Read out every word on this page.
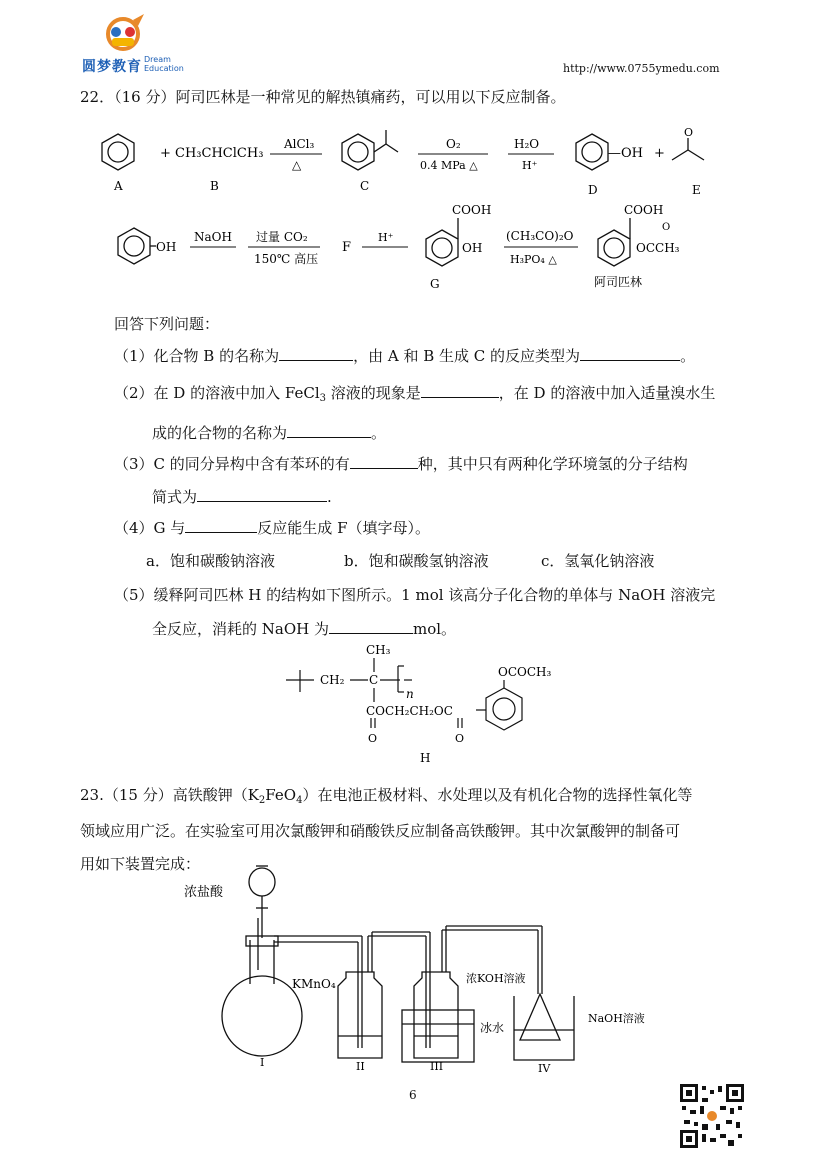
圆梦教育 Dream
Education	http://www.0755ymedu.com
22．（16 分）阿司匹林是一种常见的解热镇痛药，可以用以下反应制备。
+ CH₃CHClCH₃
AlCl₃
△
O₂
0.4 MPa △
H₂O
H⁺
—OH +
O
A	B	C	D	E
OH
NaOH 过量 CO₂
150℃ 高压
F
H⁺
COOH
OH
(CH₃CO)₂O
H₃PO₄ △
COOH
O
OCCH₃
G	阿司匹林
回答下列问题：
（1）化合物 B 的名称为	，由 A 和 B 生成 C 的反应类型为	。
（2）在 D 的溶液中加入 FeCl$_3$ 溶液的现象是	，在 D 的溶液中加入适量溴水生
成的化合物的名称为	。
（3）C 的同分异构中含有苯环的有	种，其中只有两种化学环境氢的分子结构
简式为	.
（4）G 与	反应能生成 F（填字母）。
a．饱和碳酸钠溶液	b．饱和碳酸氢钠溶液	c．氢氧化钠溶液
（5）缓释阿司匹林 H 的结构如下图所示。1 mol 该高分子化合物的单体与 NaOH 溶液完
全反应，消耗的 NaOH 为	mol。
CH₃
CH₂ C
n
OCOCH₃
COCH₂CH₂OC
O	O
H
23.（15 分）高铁酸钾$(K_2FeO_4)$在电池正极材料、水处理以及有机化合物的选择性氧化等
领域应用广泛。在实验室可用次氯酸钾和硝酸铁反应制备高铁酸钾。其中次氯酸钾的制备可
用如下装置完成：
浓盐酸
KMnO₄	浓KOH溶液
冰水
NaOH溶液
I	II	III	IV
6
